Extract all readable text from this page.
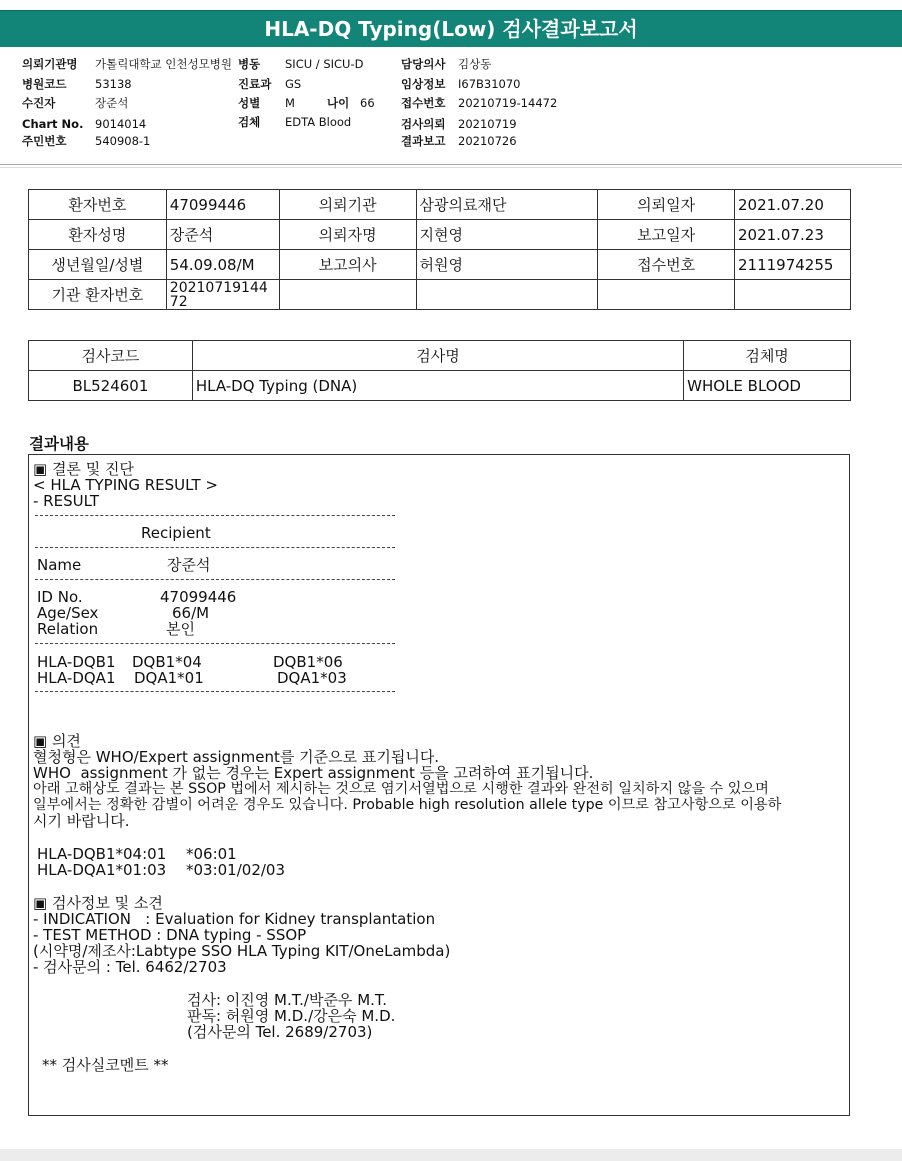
HLA-DQ Typing(Low) 검사결과보고서
의뢰기관명 가톨릭대학교 인천성모병원
병원코드 53138
수진자	장준석
Chart No. 9014014
주민번호 540908-1
병동 SICU / SICU-D
진료과 GS
성별 M	나이 66
검체 EDTA Blood
담당의사 김상동
임상정보 I67B31070
접수번호 20210719-14472
검사의뢰 20210719
결과보고 20210726
환자번호	47099446	의뢰기관	삼광의료재단	의뢰일자	2021.07.20
환자성명	장준석	의뢰자명	지현영	보고일자	2021.07.23
생년월일/성별	54.09.08/M	보고의사	허원영	접수번호	2111974255
기관 환자번호	20210719144
72				
검사코드	검사명	검체명
BL524601	HLA-DQ Typing (DNA)	WHOLE BLOOD
결과내용
▣ 결론 및 진단
< HLA TYPING RESULT >
- RESULT
Recipient
Name	장준석
ID No.	47099446
Age/Sex	66/M
Relation	본인
HLA-DQB1 DQB1*04	DQB1*06
HLA-DQA1 DQA1*01	DQA1*03
▣ 의견
혈청형은 WHO/Expert assignment를 기준으로 표기됩니다.
WHO  assignment 가 없는 경우는 Expert assignment 등을 고려하여 표기됩니다.
아래 고해상도 결과는 본 SSOP 법에서 제시하는 것으로 염기서열법으로 시행한 결과와 완전히 일치하지 않을 수 있으며
일부에서는 정확한 감별이 어려운 경우도 있습니다. Probable high resolution allele type 이므로 참고사항으로 이용하
시기 바랍니다.
HLA-DQB1*04:01 *06:01
HLA-DQA1*01:03 *03:01/02/03
▣ 검사정보 및 소견
- INDICATION   : Evaluation for Kidney transplantation
- TEST METHOD : DNA typing - SSOP
(시약명/제조사:Labtype SSO HLA Typing KIT/OneLambda)
- 검사문의 : Tel. 6462/2703
검사: 이진영 M.T./박준우 M.T.
판독: 허원영 M.D./강은숙 M.D.
(검사문의 Tel. 2689/2703)
** 검사실코멘트 **
